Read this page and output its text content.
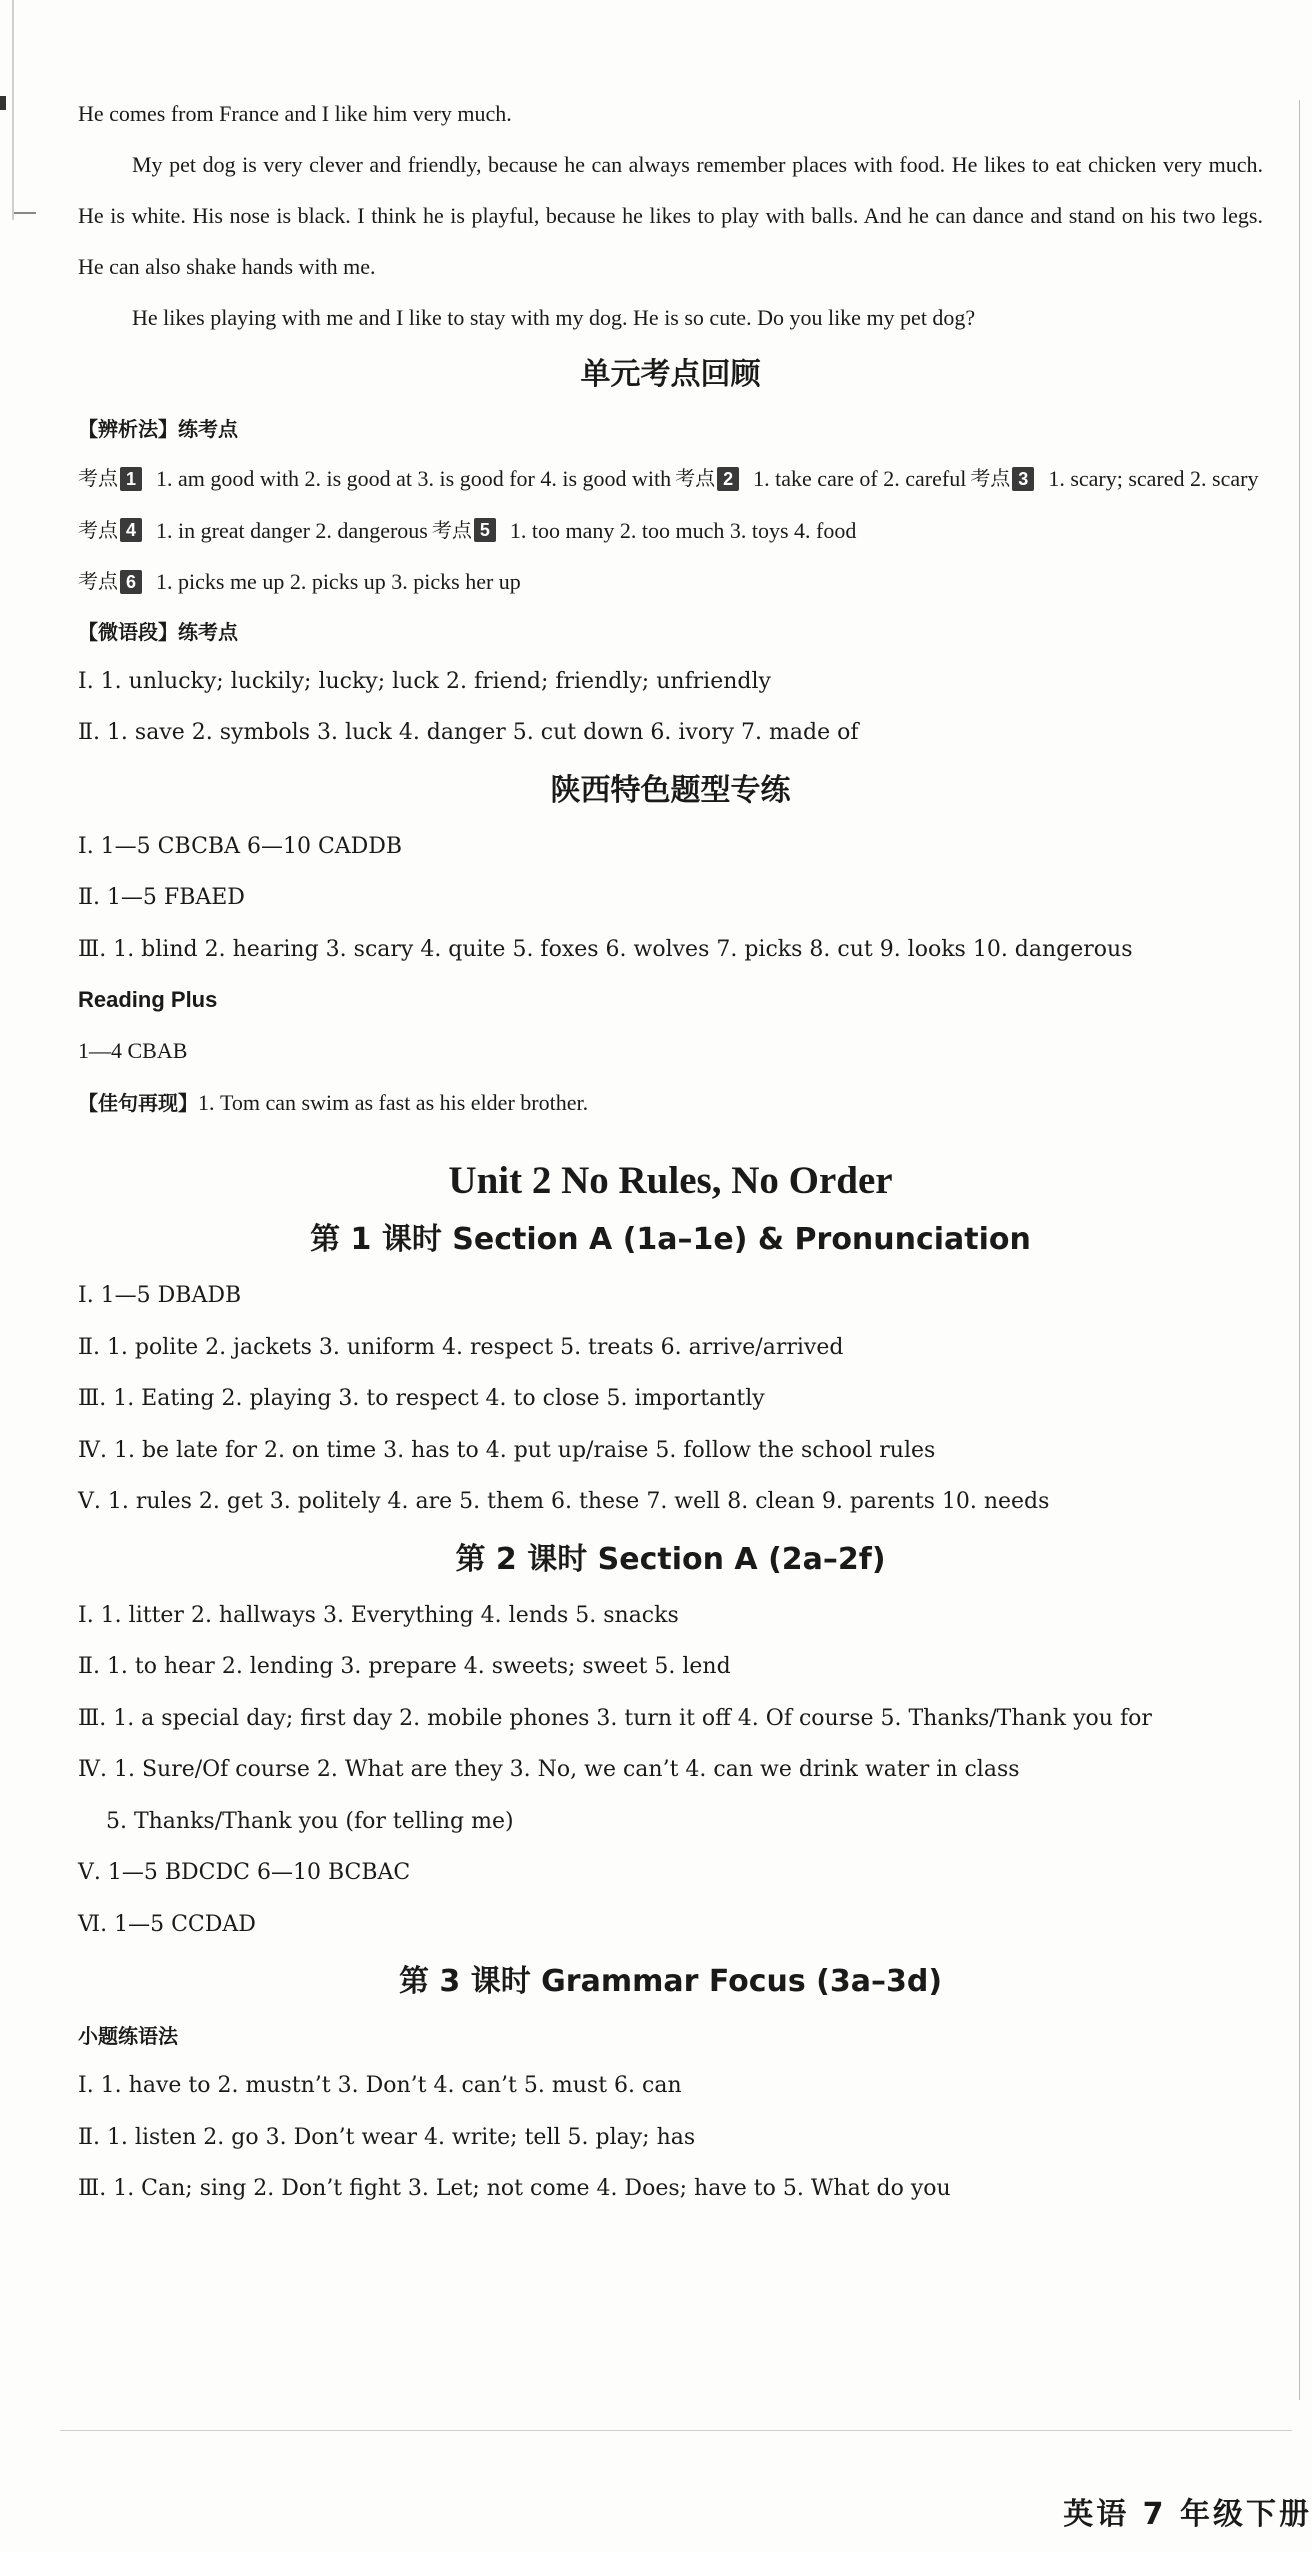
He comes from France and I like him very much.

My pet dog is very clever and friendly, because he can always remember places with food. He likes to eat chicken very much. He is white. His nose is black. I think he is playful, because he likes to play with balls. And he can dance and stand on his two legs. He can also shake hands with me.

He likes playing with me and I like to stay with my dog. He is so cute. Do you like my pet dog?

单元考点回顾

【辨析法】练考点

考点 1 1. am good with 2. is good at 3. is good for 4. is good with

考点 2 1. take care of 2. careful

考点 3 1. scary; scared 2. scary

考点 4 1. in great danger 2. dangerous

考点 5 1. too many 2. too much 3. toys 4. food

考点 6 1. picks me up 2. picks up 3. picks her up

【微语段】练考点

Ⅰ. 1. unlucky; luckily; lucky; luck 2. friend; friendly; unfriendly

Ⅱ. 1. save 2. symbols 3. luck 4. danger 5. cut down 6. ivory 7. made of

陕西特色题型专练

Ⅰ. 1—5 CBCBA 6—10 CADDB

Ⅱ. 1—5 FBAED

Ⅲ. 1. blind 2. hearing 3. scary 4. quite 5. foxes 6. wolves 7. picks 8. cut 9. looks 10. dangerous

Reading Plus

1—4 CBAB

【佳句再现】1. Tom can swim as fast as his elder brother.

Unit 2 No Rules, No Order
第 1 课时 Section A (1a–1e) & Pronunciation

Ⅰ. 1—5 DBADB

Ⅱ. 1. polite 2. jackets 3. uniform 4. respect 5. treats 6. arrive/arrived

Ⅲ. 1. Eating 2. playing 3. to respect 4. to close 5. importantly

Ⅳ. 1. be late for 2. on time 3. has to 4. put up/raise 5. follow the school rules

Ⅴ. 1. rules 2. get 3. politely 4. are 5. them 6. these 7. well 8. clean 9. parents 10. needs

第 2 课时 Section A (2a–2f)

Ⅰ. 1. litter 2. hallways 3. Everything 4. lends 5. snacks

Ⅱ. 1. to hear 2. lending 3. prepare 4. sweets; sweet 5. lend

Ⅲ. 1. a special day; first day 2. mobile phones 3. turn it off 4. Of course 5. Thanks/Thank you for

Ⅳ. 1. Sure/Of course 2. What are they 3. No, we can’t 4. can we drink water in class

5. Thanks/Thank you (for telling me)

Ⅴ. 1—5 BDCDC 6—10 BCBAC

Ⅵ. 1—5 CCDAD

第 3 课时 Grammar Focus (3a–3d)

小题练语法

Ⅰ. 1. have to 2. mustn’t 3. Don’t 4. can’t 5. must 6. can

Ⅱ. 1. listen 2. go 3. Don’t wear 4. write; tell 5. play; has

Ⅲ. 1. Can; sing 2. Don’t fight 3. Let; not come 4. Does; have to 5. What do you

英语 7 年级下册
